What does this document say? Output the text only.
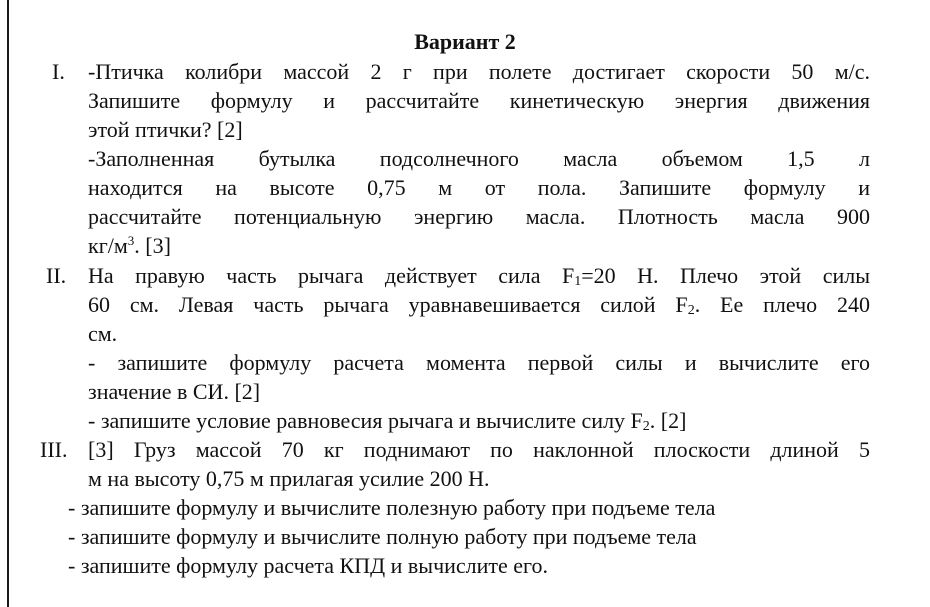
Вариант 2
I. -Птичка колибри массой 2 г при полете достигает скорости 50 м/с.
Запишите формулу и рассчитайте кинетическую энергия движения
этой птички? [2]
-Заполненная бутылка подсолнечного масла объемом 1,5 л
находится на высоте 0,75 м от пола. Запишите формулу и
рассчитайте потенциальную энергию масла. Плотность масла 900
$кг/м^3$. [3]
II. На правую часть рычага действует сила $F_1=20$ Н. Плечо этой силы
60 см. Левая часть рычага уравнавешивается силой $F_2$. Ее плечо 240
см.
- запишите формулу расчета момента первой силы и вычислите его
значение в СИ. [2]
- запишите условие равновесия рычага и вычислите силу $F_2$. [2]
III. [3] Груз массой 70 кг поднимают по наклонной плоскости длиной 5
м на высоту 0,75 м прилагая усилие 200 Н.
- запишите формулу и вычислите полезную работу при подъеме тела
- запишите формулу и вычислите полную работу при подъеме тела
- запишите формулу расчета КПД и вычислите его.
